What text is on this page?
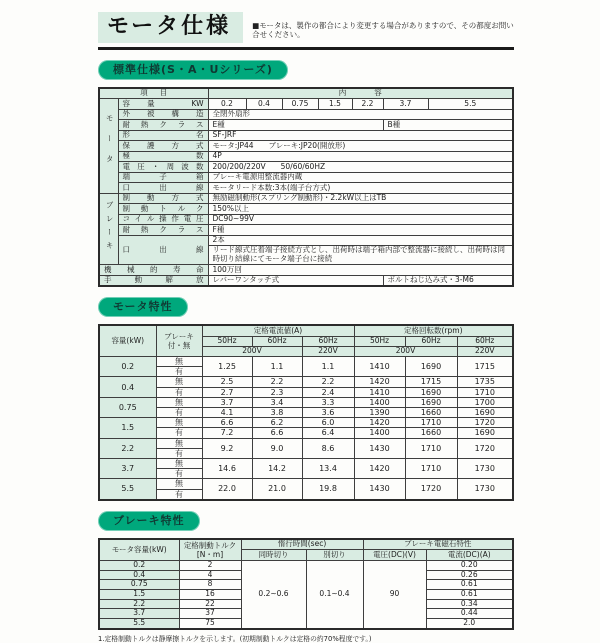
モータ仕様	■モータは、製作の都合により変更する場合がありますので、その都度お問い合せください。

標準仕様(S・A・Uシリーズ)
項目		内容						
モータ	容量 KW	0.2	0.4	0.75	1.5	2.2	3.7	5.5
	外被構造	全閉外扇形						
	耐熱クラス	E種					B種	
	形名	SF-JRF						
	保護方式	モータ:JP44　　ブレーキ:JP20(開放形)						
	極数	4P						
	電圧・周波数	200/200/220V　　50/60/60HZ						
	端子箱	ブレーキ電源用整流器内蔵						
	口出線	モータリード本数:3本(端子台方式)						
ブレーキ	制動方式	無励磁制動形(スプリング制動形)・2.2kW以上はTB						
	制動トルク	150%以上						
	コイル操作電圧	DC90~99V						
	耐熱クラス	F種						
	口出線	2本						
		リード線式圧着端子接続方式とし、出荷時は端子箱内部で整流器に接続し、出荷時は同時切り結線にてモータ端子台に接続						
機械的寿命		100万回						
手動解放		レバーワンタッチ式					ボルトねじ込み式・3-M6	
モータ特性
容量(kW)	ブレーキ
付・無	定格電流値(A)			定格回転数(rpm)		
		50Hz	60Hz	60Hz	50Hz	60Hz	60Hz
		200V		220V	200V		220V
0.2	無	1.25	1.1	1.1	1410	1690	1715
	有						
0.4	無	2.5	2.2	2.2	1420	1715	1735
	有	2.7	2.3	2.4	1410	1690	1710
0.75	無	3.7	3.4	3.3	1400	1690	1700
	有	4.1	3.8	3.6	1390	1660	1690
1.5	無	6.6	6.2	6.0	1420	1710	1720
	有	7.2	6.6	6.4	1400	1660	1690
2.2	無	9.2	9.0	8.6	1430	1710	1720
	有						
3.7	無	14.6	14.2	13.4	1420	1710	1730
	有						
5.5	無	22.0	21.0	19.8	1430	1720	1730
	有						
ブレーキ特性
モータ容量(kW)	定格制動トルク
[N・m]	惰行時間(sec)		ブレーキ電磁石特性	
		同時切り	別切り	電圧(DC)(V)	電流(DC)(A)
0.2	2	0.2~0.6	0.1~0.4	90	0.20
0.4	4				0.26
0.75	8				0.61
1.5	16				0.61
2.2	22				0.34
3.7	37				0.44
5.5	75				2.0

1.定格制動トルクは静摩擦トルクを示します。(初期制動トルクは定格の約70%程度です。)
